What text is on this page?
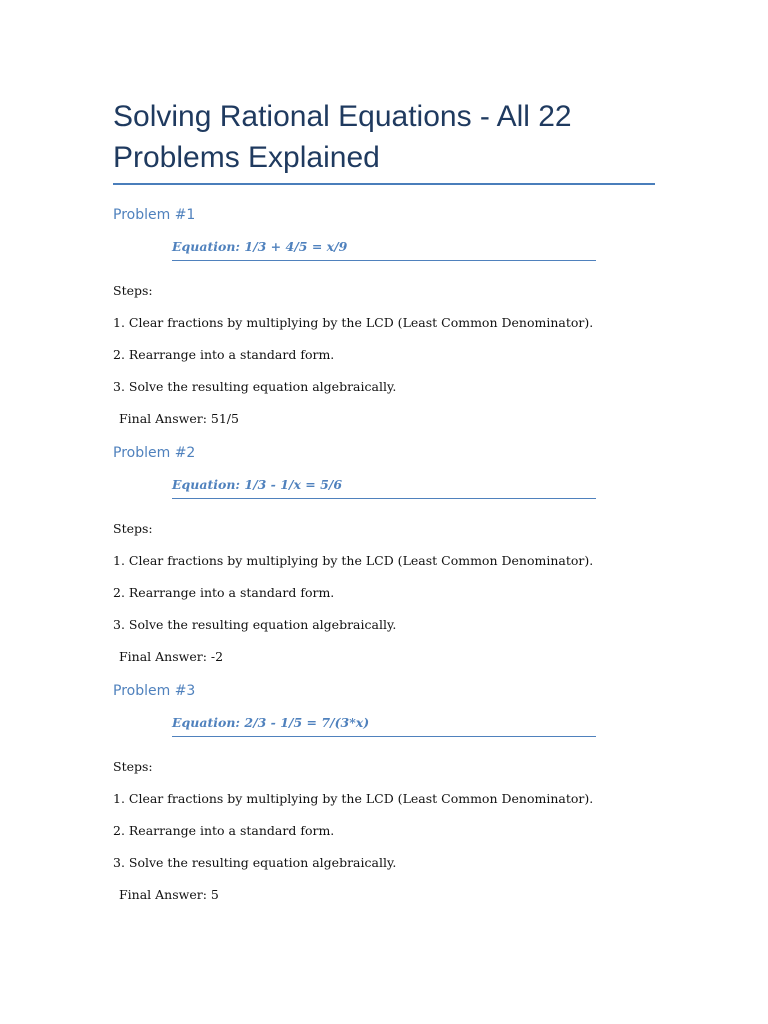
Solving Rational Equations - All 22 Problems Explained
Problem #1
Equation: 1/3 + 4/5 = x/9

Steps:

1. Clear fractions by multiplying by the LCD (Least Common Denominator).

2. Rearrange into a standard form.

3. Solve the resulting equation algebraically.

Final Answer: 51/5

Problem #2
Equation: 1/3 - 1/x = 5/6

Steps:

1. Clear fractions by multiplying by the LCD (Least Common Denominator).

2. Rearrange into a standard form.

3. Solve the resulting equation algebraically.

Final Answer: -2

Problem #3
Equation: 2/3 - 1/5 = 7/(3*x)

Steps:

1. Clear fractions by multiplying by the LCD (Least Common Denominator).

2. Rearrange into a standard form.

3. Solve the resulting equation algebraically.

Final Answer: 5
